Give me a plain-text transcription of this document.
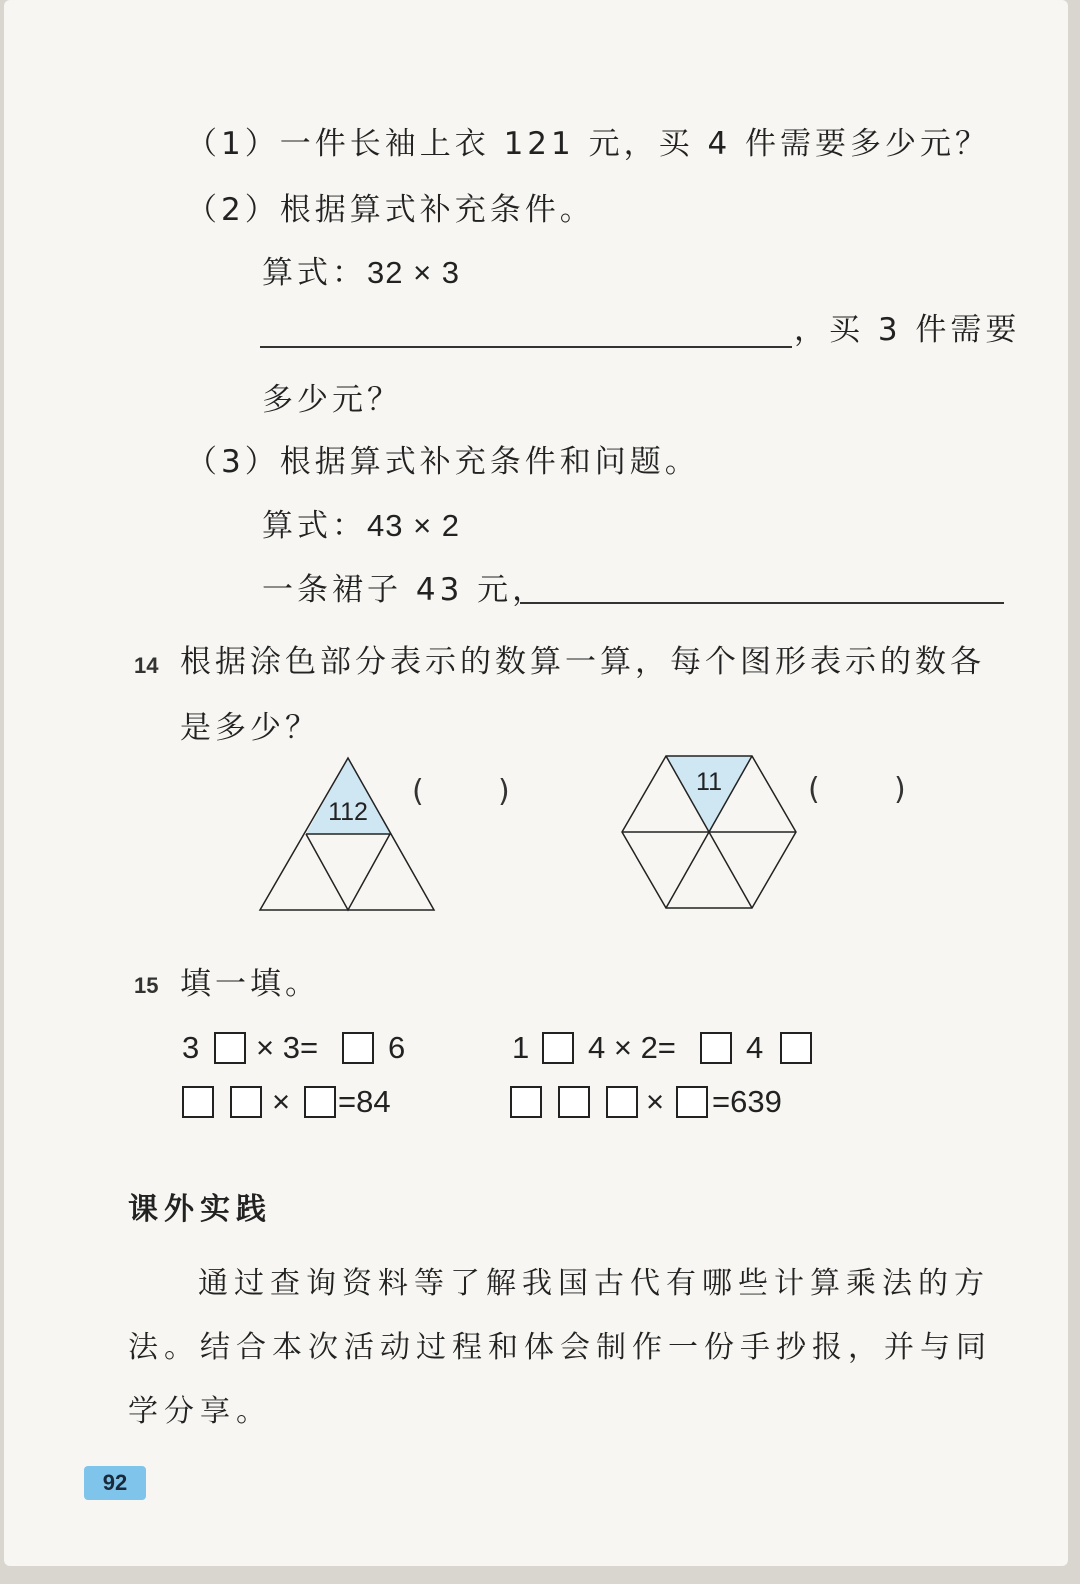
（1）一件长袖上衣 121 元，买 4 件需要多少元？
（2）根据算式补充条件。
算式：32 × 3
，买 3 件需要
多少元？
（3）根据算式补充条件和问题。
算式：43 × 2
一条裙子 43 元，
14 根据涂色部分表示的数算一算，每个图形表示的数各
是多少？
112
( )	11	( )
15 填一填。
3 × 3= 6	1 4 × 2= 4
× =84	× =639
课外实践
通过查询资料等了解我国古代有哪些计算乘法的方
法。结合本次活动过程和体会制作一份手抄报，并与同
学分享。
92
